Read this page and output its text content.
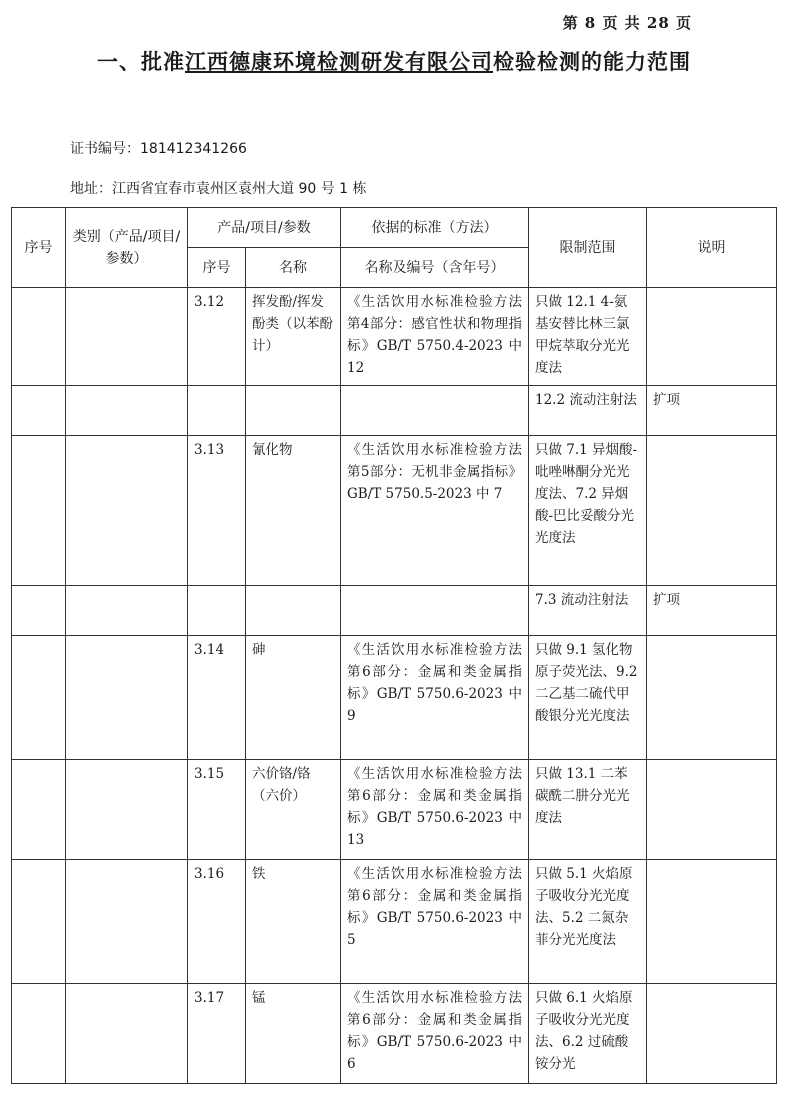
第 8 页 共 28 页
一、批准江西德康环境检测研发有限公司检验检测的能力范围
证书编号：181412341266
地址：江西省宜春市袁州区袁州大道 90 号 1 栋
序号	类别（产品/项目/参数）	产品/项目/参数		依据的标准（方法）	限制范围	说明
		序号	名称	名称及编号（含年号）		
		3.12	挥发酚/挥发酚类（以苯酚计）	《生活饮用水标准检验方法 第4部分：感官性状和物理指标》GB/T 5750.4-2023 中 12	只做 12.1 4-氨基安替比林三氯甲烷萃取分光光度法	
					12.2 流动注射法	扩项
		3.13	氰化物	《生活饮用水标准检验方法 第5部分：无机非金属指标》GB/T 5750.5-2023 中 7	只做 7.1 异烟酸-吡唑啉酮分光光度法、7.2 异烟酸-巴比妥酸分光光度法	
					7.3 流动注射法	扩项
		3.14	砷	《生活饮用水标准检验方法 第6部分：金属和类金属指标》GB/T 5750.6-2023 中 9	只做 9.1 氢化物原子荧光法、9.2 二乙基二硫代甲酸银分光光度法	
		3.15	六价铬/铬（六价）	《生活饮用水标准检验方法 第6部分：金属和类金属指标》GB/T 5750.6-2023 中 13	只做 13.1 二苯碳酰二肼分光光度法	
		3.16	铁	《生活饮用水标准检验方法 第6部分：金属和类金属指标》GB/T 5750.6-2023 中 5	只做 5.1 火焰原子吸收分光光度法、5.2 二氮杂菲分光光度法	
		3.17	锰	《生活饮用水标准检验方法 第6部分：金属和类金属指标》GB/T 5750.6-2023 中 6	只做 6.1 火焰原子吸收分光光度法、6.2 过硫酸铵分光	
